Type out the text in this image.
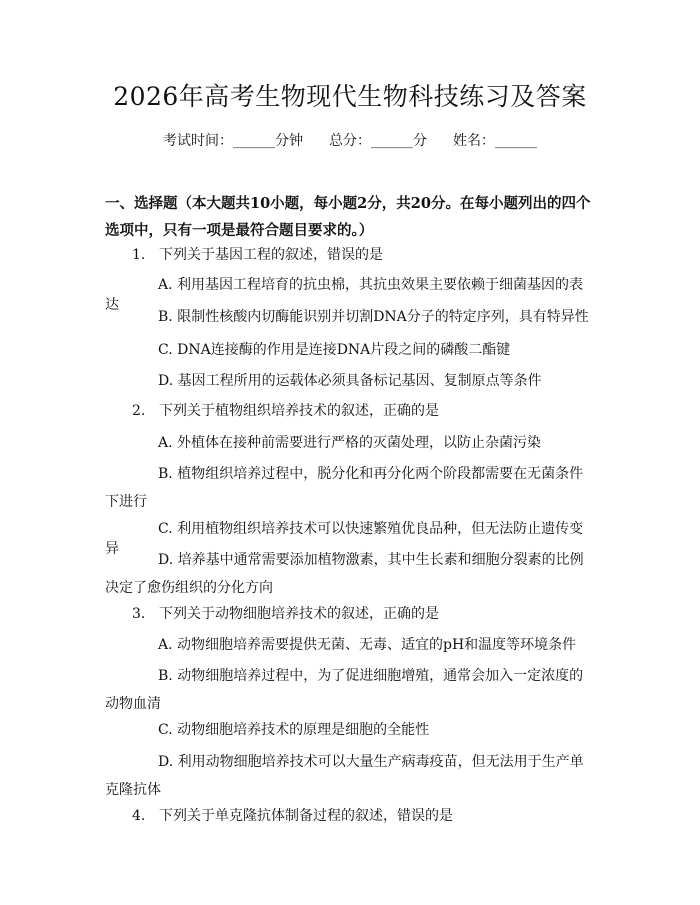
2026年高考生物现代生物科技练习及答案
考试时间：______分钟 总分：______分 姓名：______
一、选择题（本大题共10小题，每小题2分，共20分。在每小题列出的四个选项中，只有一项是最符合题目要求的。）
1. 下列关于基因工程的叙述，错误的是
A. 利用基因工程培育的抗虫棉，其抗虫效果主要依赖于细菌基因的表达
B. 限制性核酸内切酶能识别并切割DNA分子的特定序列，具有特异性
C. DNA连接酶的作用是连接DNA片段之间的磷酸二酯键
D. 基因工程所用的运载体必须具备标记基因、复制原点等条件
2. 下列关于植物组织培养技术的叙述，正确的是
A. 外植体在接种前需要进行严格的灭菌处理，以防止杂菌污染
B. 植物组织培养过程中，脱分化和再分化两个阶段都需要在无菌条件下进行
C. 利用植物组织培养技术可以快速繁殖优良品种，但无法防止遗传变异
D. 培养基中通常需要添加植物激素，其中生长素和细胞分裂素的比例决定了愈伤组织的分化方向
3. 下列关于动物细胞培养技术的叙述，正确的是
A. 动物细胞培养需要提供无菌、无毒、适宜的pH和温度等环境条件
B. 动物细胞培养过程中，为了促进细胞增殖，通常会加入一定浓度的动物血清
C. 动物细胞培养技术的原理是细胞的全能性
D. 利用动物细胞培养技术可以大量生产病毒疫苗，但无法用于生产单克隆抗体
4. 下列关于单克隆抗体制备过程的叙述，错误的是
